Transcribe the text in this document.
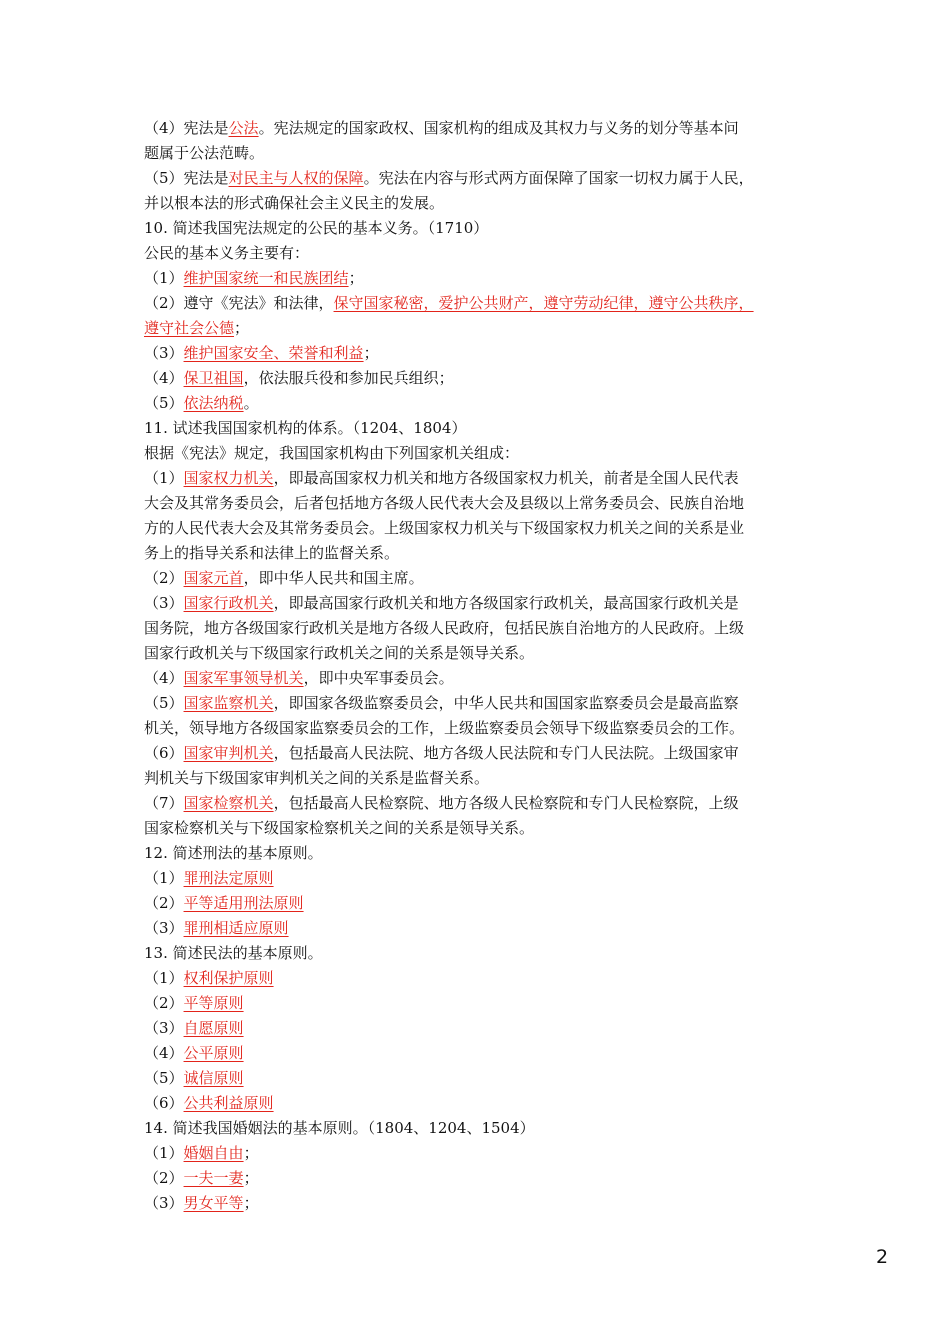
（4）宪法是公法。宪法规定的国家政权、国家机构的组成及其权力与义务的划分等基本问
题属于公法范畴。
（5）宪法是对民主与人权的保障。宪法在内容与形式两方面保障了国家一切权力属于人民，
并以根本法的形式确保社会主义民主的发展。
10. 简述我国宪法规定的公民的基本义务。（1710）
公民的基本义务主要有：
（1）维护国家统一和民族团结；
（2）遵守《宪法》和法律，保守国家秘密，爱护公共财产，遵守劳动纪律，遵守公共秩序，
遵守社会公德；
（3）维护国家安全、荣誉和利益；
（4）保卫祖国，依法服兵役和参加民兵组织；
（5）依法纳税。
11. 试述我国国家机构的体系。（1204、1804）
根据《宪法》规定，我国国家机构由下列国家机关组成：
（1）国家权力机关，即最高国家权力机关和地方各级国家权力机关，前者是全国人民代表
大会及其常务委员会，后者包括地方各级人民代表大会及县级以上常务委员会、民族自治地
方的人民代表大会及其常务委员会。上级国家权力机关与下级国家权力机关之间的关系是业
务上的指导关系和法律上的监督关系。
（2）国家元首，即中华人民共和国主席。
（3）国家行政机关，即最高国家行政机关和地方各级国家行政机关，最高国家行政机关是
国务院，地方各级国家行政机关是地方各级人民政府，包括民族自治地方的人民政府。上级
国家行政机关与下级国家行政机关之间的关系是领导关系。
（4）国家军事领导机关，即中央军事委员会。
（5）国家监察机关，即国家各级监察委员会，中华人民共和国国家监察委员会是最高监察
机关，领导地方各级国家监察委员会的工作，上级监察委员会领导下级监察委员会的工作。
（6）国家审判机关，包括最高人民法院、地方各级人民法院和专门人民法院。上级国家审
判机关与下级国家审判机关之间的关系是监督关系。
（7）国家检察机关，包括最高人民检察院、地方各级人民检察院和专门人民检察院，上级
国家检察机关与下级国家检察机关之间的关系是领导关系。
12. 简述刑法的基本原则。
（1）罪刑法定原则
（2）平等适用刑法原则
（3）罪刑相适应原则
13. 简述民法的基本原则。
（1）权利保护原则
（2）平等原则
（3）自愿原则
（4）公平原则
（5）诚信原则
（6）公共利益原则
14. 简述我国婚姻法的基本原则。（1804、1204、1504）
（1）婚姻自由；
（2）一夫一妻；
（3）男女平等；
2
